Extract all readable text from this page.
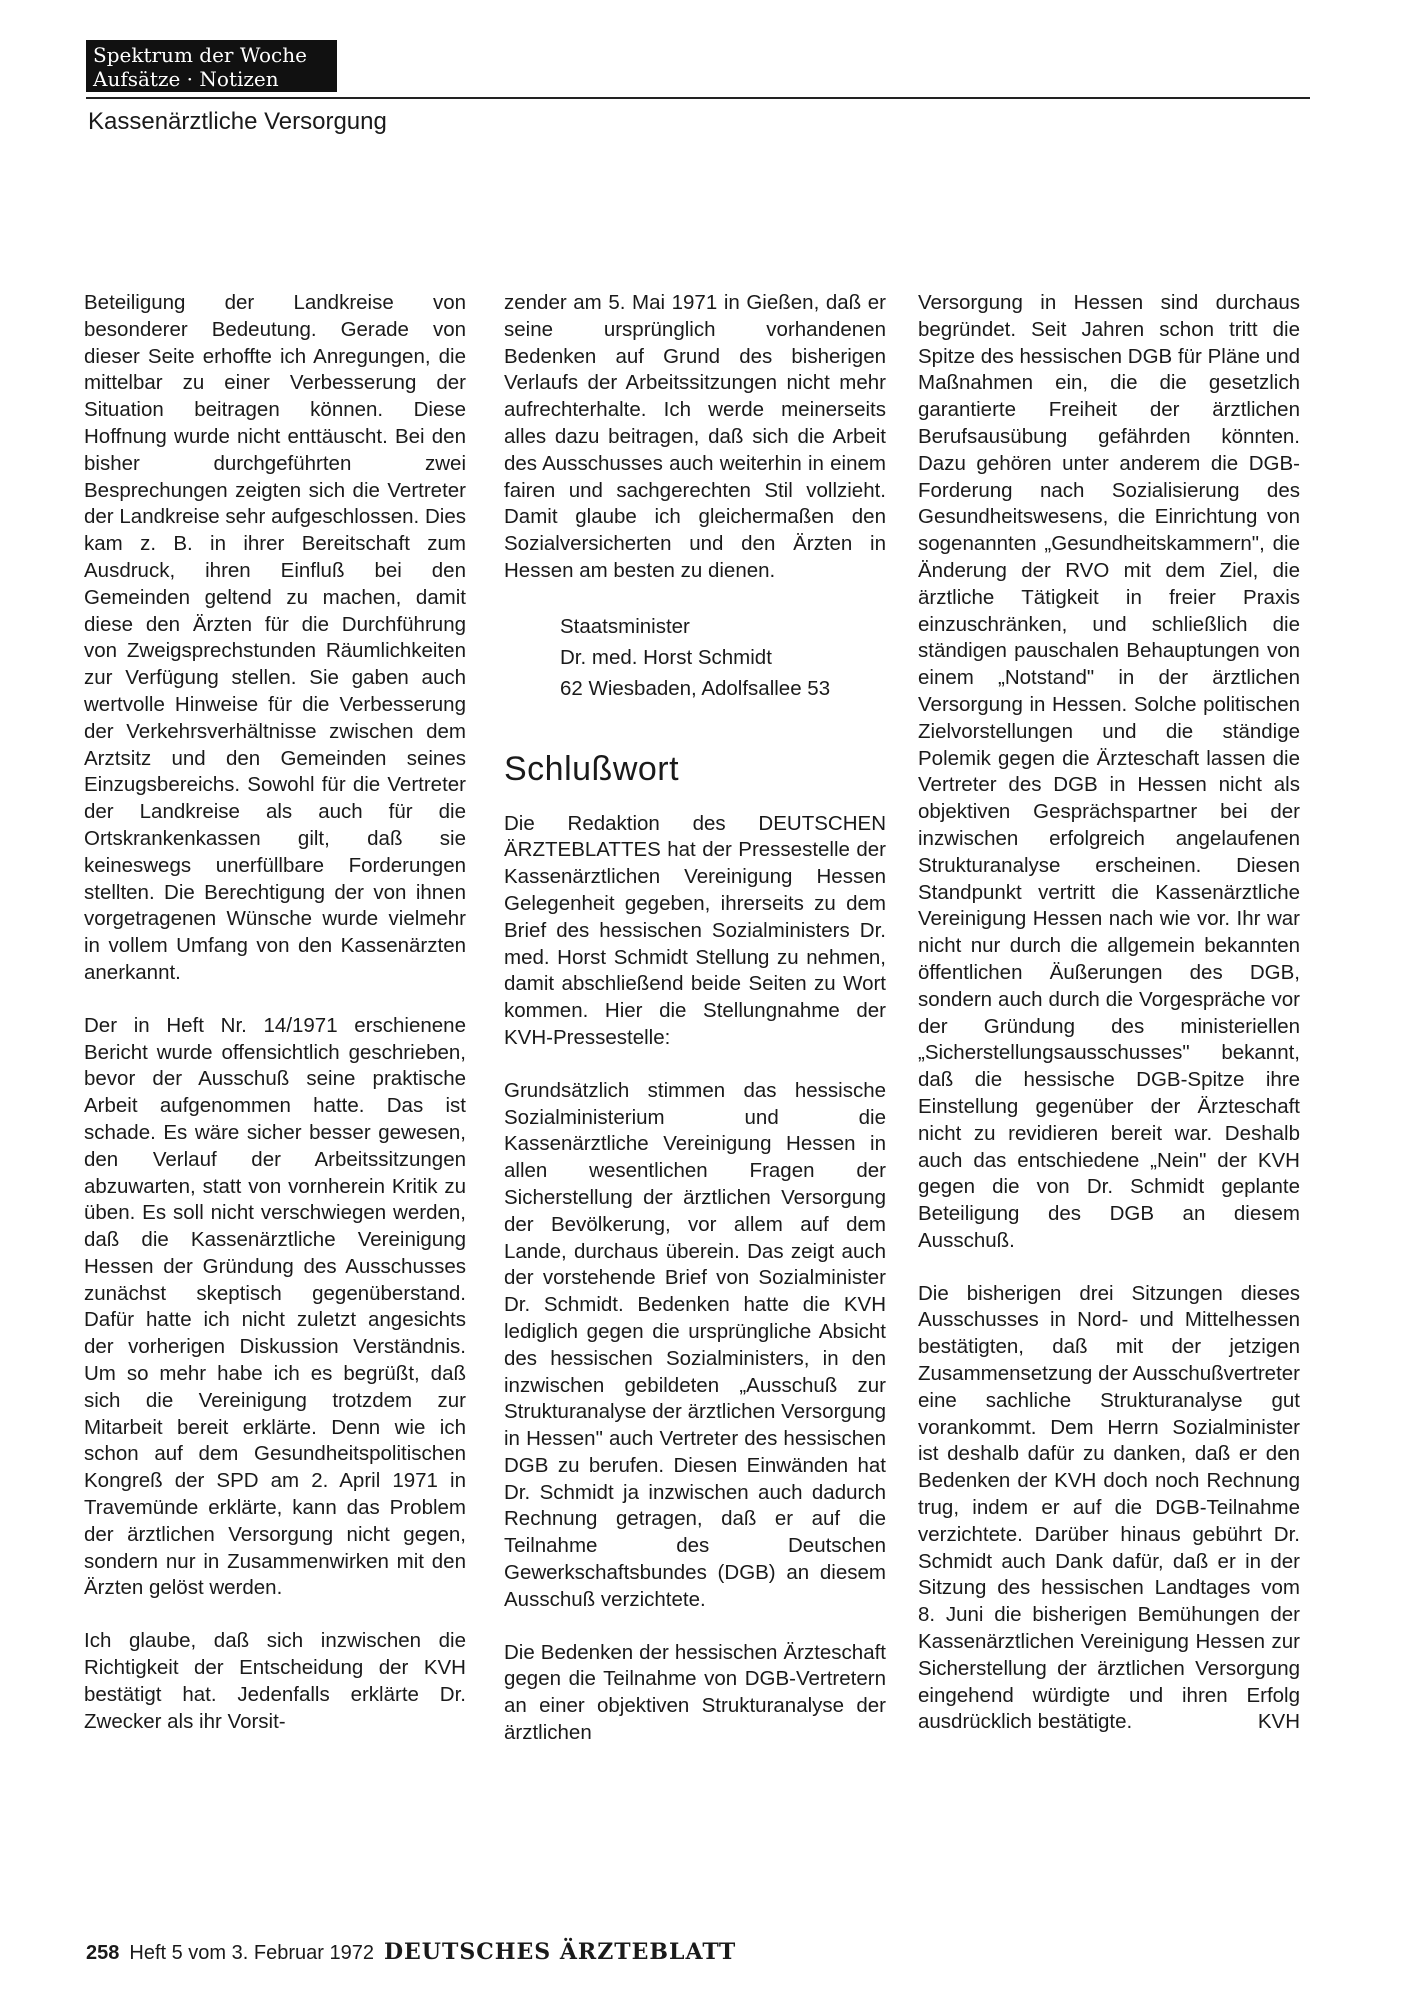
Spektrum der Woche
Aufsätze · Notizen
Kassenärztliche Versorgung

Beteiligung der Landkreise von besonderer Bedeutung. Gerade von dieser Seite erhoffte ich Anregungen, die mittelbar zu einer Verbesserung der Situation beitragen können. Diese Hoffnung wurde nicht enttäuscht. Bei den bisher durchgeführten zwei Besprechungen zeigten sich die Vertreter der Landkreise sehr aufgeschlossen. Dies kam z. B. in ihrer Bereitschaft zum Ausdruck, ihren Einfluß bei den Gemeinden geltend zu machen, damit diese den Ärzten für die Durchführung von Zweigsprechstunden Räumlichkeiten zur Verfügung stellen. Sie gaben auch wertvolle Hinweise für die Verbesserung der Verkehrsverhältnisse zwischen dem Arztsitz und den Gemeinden seines Einzugsbereichs. Sowohl für die Vertreter der Landkreise als auch für die Ortskrankenkassen gilt, daß sie keineswegs unerfüllbare Forderungen stellten. Die Berechtigung der von ihnen vorgetragenen Wünsche wurde vielmehr in vollem Umfang von den Kassenärzten anerkannt.

Der in Heft Nr. 14/1971 erschienene Bericht wurde offensichtlich geschrieben, bevor der Ausschuß seine praktische Arbeit aufgenommen hatte. Das ist schade. Es wäre sicher besser gewesen, den Verlauf der Arbeitssitzungen abzuwarten, statt von vornherein Kritik zu üben. Es soll nicht verschwiegen werden, daß die Kassenärztliche Vereinigung Hessen der Gründung des Ausschusses zunächst skeptisch gegenüberstand. Dafür hatte ich nicht zuletzt angesichts der vorherigen Diskussion Verständnis. Um so mehr habe ich es begrüßt, daß sich die Vereinigung trotzdem zur Mitarbeit bereit erklärte. Denn wie ich schon auf dem Gesundheitspolitischen Kongreß der SPD am 2. April 1971 in Travemünde erklärte, kann das Problem der ärztlichen Versorgung nicht gegen, sondern nur in Zusammenwirken mit den Ärzten gelöst werden.

Ich glaube, daß sich inzwischen die Richtigkeit der Entscheidung der KVH bestätigt hat. Jedenfalls erklärte Dr. Zwecker als ihr Vorsit-

zender am 5. Mai 1971 in Gießen, daß er seine ursprünglich vorhandenen Bedenken auf Grund des bisherigen Verlaufs der Arbeitssitzungen nicht mehr aufrechterhalte. Ich werde meinerseits alles dazu beitragen, daß sich die Arbeit des Ausschusses auch weiterhin in einem fairen und sachgerechten Stil vollzieht. Damit glaube ich gleichermaßen den Sozialversicherten und den Ärzten in Hessen am besten zu dienen.

Staatsminister
Dr. med. Horst Schmidt
62 Wiesbaden, Adolfsallee 53
Schlußwort

Die Redaktion des DEUTSCHEN ÄRZTEBLATTES hat der Pressestelle der Kassenärztlichen Vereinigung Hessen Gelegenheit gegeben, ihrerseits zu dem Brief des hessischen Sozialministers Dr. med. Horst Schmidt Stellung zu nehmen, damit abschließend beide Seiten zu Wort kommen. Hier die Stellungnahme der KVH-Pressestelle:

Grundsätzlich stimmen das hessische Sozialministerium und die Kassenärztliche Vereinigung Hessen in allen wesentlichen Fragen der Sicherstellung der ärztlichen Versorgung der Bevölkerung, vor allem auf dem Lande, durchaus überein. Das zeigt auch der vorstehende Brief von Sozialminister Dr. Schmidt. Bedenken hatte die KVH lediglich gegen die ursprüngliche Absicht des hessischen Sozialministers, in den inzwischen gebildeten „Ausschuß zur Strukturanalyse der ärztlichen Versorgung in Hessen" auch Vertreter des hessischen DGB zu berufen. Diesen Einwänden hat Dr. Schmidt ja inzwischen auch dadurch Rechnung getragen, daß er auf die Teilnahme des Deutschen Gewerkschaftsbundes (DGB) an diesem Ausschuß verzichtete.

Die Bedenken der hessischen Ärzteschaft gegen die Teilnahme von DGB-Vertretern an einer objektiven Strukturanalyse der ärztlichen

Versorgung in Hessen sind durchaus begründet. Seit Jahren schon tritt die Spitze des hessischen DGB für Pläne und Maßnahmen ein, die die gesetzlich garantierte Freiheit der ärztlichen Berufsausübung gefährden könnten. Dazu gehören unter anderem die DGB-Forderung nach Sozialisierung des Gesundheitswesens, die Einrichtung von sogenannten „Gesundheitskammern", die Änderung der RVO mit dem Ziel, die ärztliche Tätigkeit in freier Praxis einzuschränken, und schließlich die ständigen pauschalen Behauptungen von einem „Notstand" in der ärztlichen Versorgung in Hessen. Solche politischen Zielvorstellungen und die ständige Polemik gegen die Ärzteschaft lassen die Vertreter des DGB in Hessen nicht als objektiven Gesprächspartner bei der inzwischen erfolgreich angelaufenen Strukturanalyse erscheinen. Diesen Standpunkt vertritt die Kassenärztliche Vereinigung Hessen nach wie vor. Ihr war nicht nur durch die allgemein bekannten öffentlichen Äußerungen des DGB, sondern auch durch die Vorgespräche vor der Gründung des ministeriellen „Sicherstellungsausschusses" bekannt, daß die hessische DGB-Spitze ihre Einstellung gegenüber der Ärzteschaft nicht zu revidieren bereit war. Deshalb auch das entschiedene „Nein" der KVH gegen die von Dr. Schmidt geplante Beteiligung des DGB an diesem Ausschuß.

Die bisherigen drei Sitzungen dieses Ausschusses in Nord- und Mittelhessen bestätigten, daß mit der jetzigen Zusammensetzung der Ausschußvertreter eine sachliche Strukturanalyse gut vorankommt. Dem Herrn Sozialminister ist deshalb dafür zu danken, daß er den Bedenken der KVH doch noch Rechnung trug, indem er auf die DGB-Teilnahme verzichtete. Darüber hinaus gebührt Dr. Schmidt auch Dank dafür, daß er in der Sitzung des hessischen Landtages vom 8. Juni die bisherigen Bemühungen der Kassenärztlichen Vereinigung Hessen zur Sicherstellung der ärztlichen Versorgung eingehend würdigte und ihren Erfolg ausdrücklich bestätigte.	KVH

258 Heft 5 vom 3. Februar 1972 DEUTSCHES ÄRZTEBLATT
